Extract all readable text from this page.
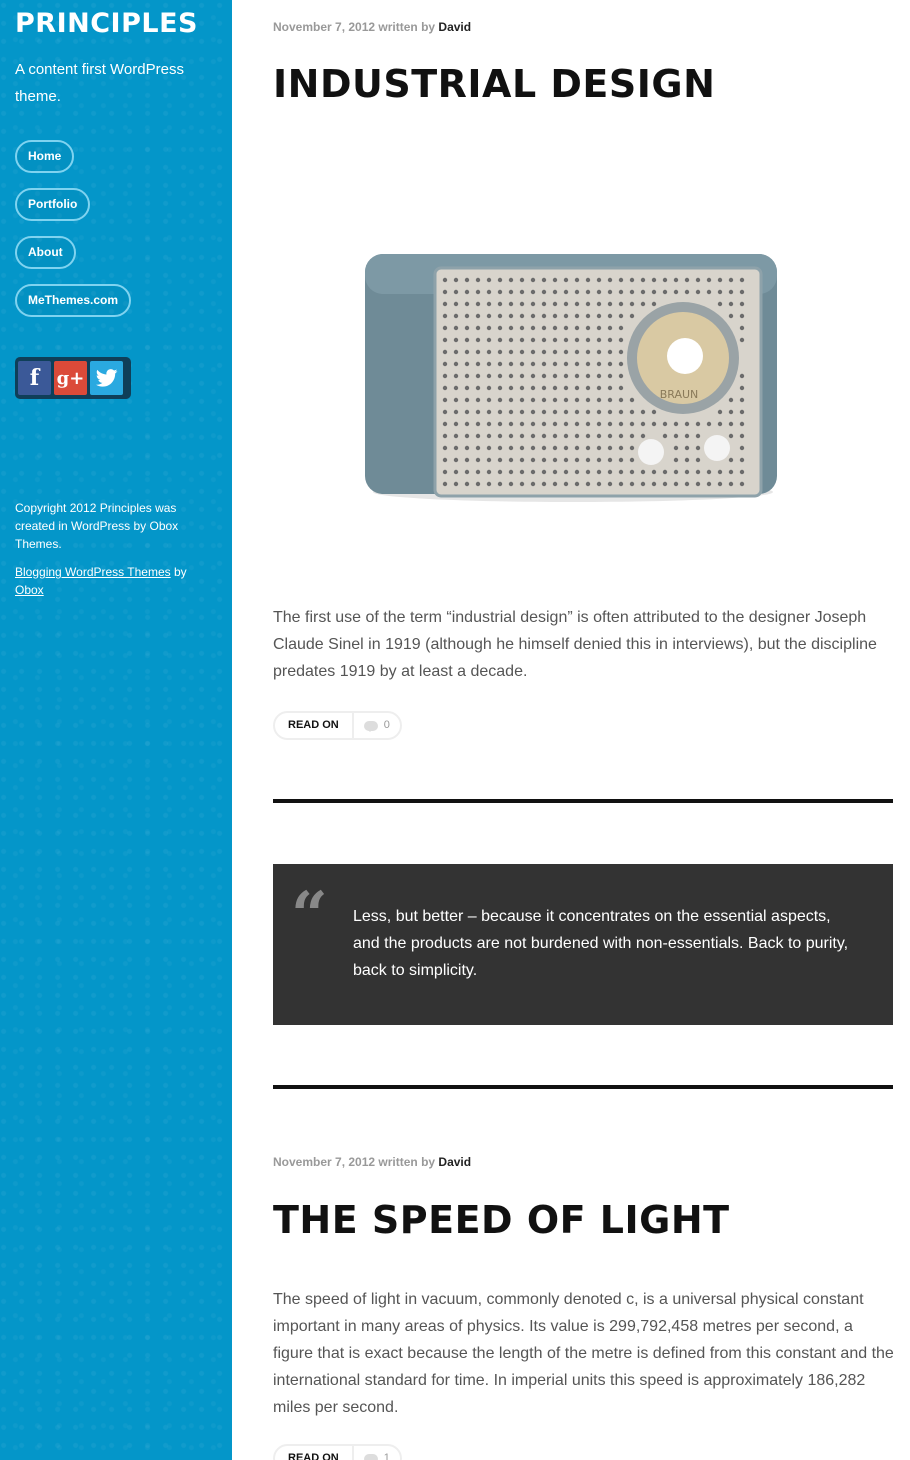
PRINCIPLES

A content first WordPress theme.

Home
Portfolio
About
MeThemes.com
f g+

Copyright 2012 Principles was created in WordPress by Obox Themes.

Blogging WordPress Themes by Obox

November 7, 2012 written by David
INDUSTRIAL DESIGN
BRAUN

The first use of the term “industrial design” is often attributed to the designer Joseph Claude Sinel in 1919 (although he himself denied this in interviews), but the discipline predates 1919 by at least a decade.

READ ON	0
“ Less, but better – because it concentrates on the essential aspects, and the products are not burdened with non-essentials. Back to purity, back to simplicity.

November 7, 2012 written by David
THE SPEED OF LIGHT

The speed of light in vacuum, commonly denoted c, is a universal physical constant important in many areas of physics. Its value is 299,792,458 metres per second, a figure that is exact because the length of the metre is defined from this constant and the international standard for time. In imperial units this speed is approximately 186,282 miles per second.

READ ON	1
